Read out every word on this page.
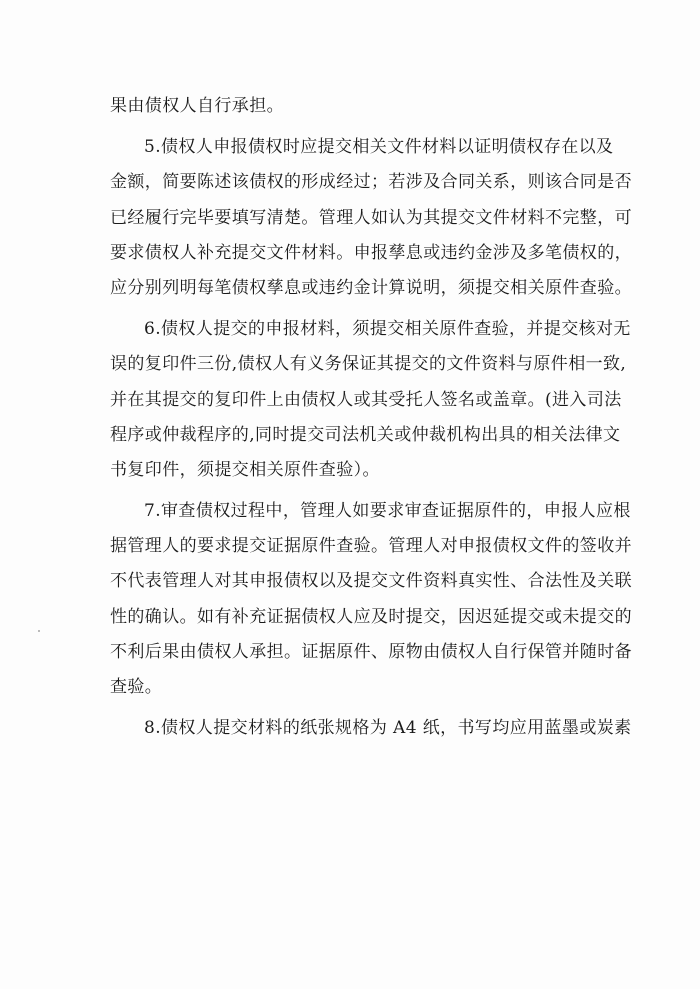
果由债权人自行承担。
5.债权人申报债权时应提交相关文件材料以证明债权存在以及
金额，简要陈述该债权的形成经过；若涉及合同关系，则该合同是否
已经履行完毕要填写清楚。管理人如认为其提交文件材料不完整，可
要求债权人补充提交文件材料。申报孳息或违约金涉及多笔债权的，
应分别列明每笔债权孳息或违约金计算说明，须提交相关原件查验。
6.债权人提交的申报材料，须提交相关原件查验，并提交核对无
误的复印件三份,债权人有义务保证其提交的文件资料与原件相一致,
并在其提交的复印件上由债权人或其受托人签名或盖章。(进入司法
程序或仲裁程序的,同时提交司法机关或仲裁机构出具的相关法律文
书复印件，须提交相关原件查验）。
7.审查债权过程中，管理人如要求审查证据原件的，申报人应根
据管理人的要求提交证据原件查验。管理人对申报债权文件的签收并
不代表管理人对其申报债权以及提交文件资料真实性、合法性及关联
性的确认。如有补充证据债权人应及时提交，因迟延提交或未提交的
不利后果由债权人承担。证据原件、原物由债权人自行保管并随时备
查验。
8.债权人提交材料的纸张规格为 A4 纸，书写均应用蓝墨或炭素
